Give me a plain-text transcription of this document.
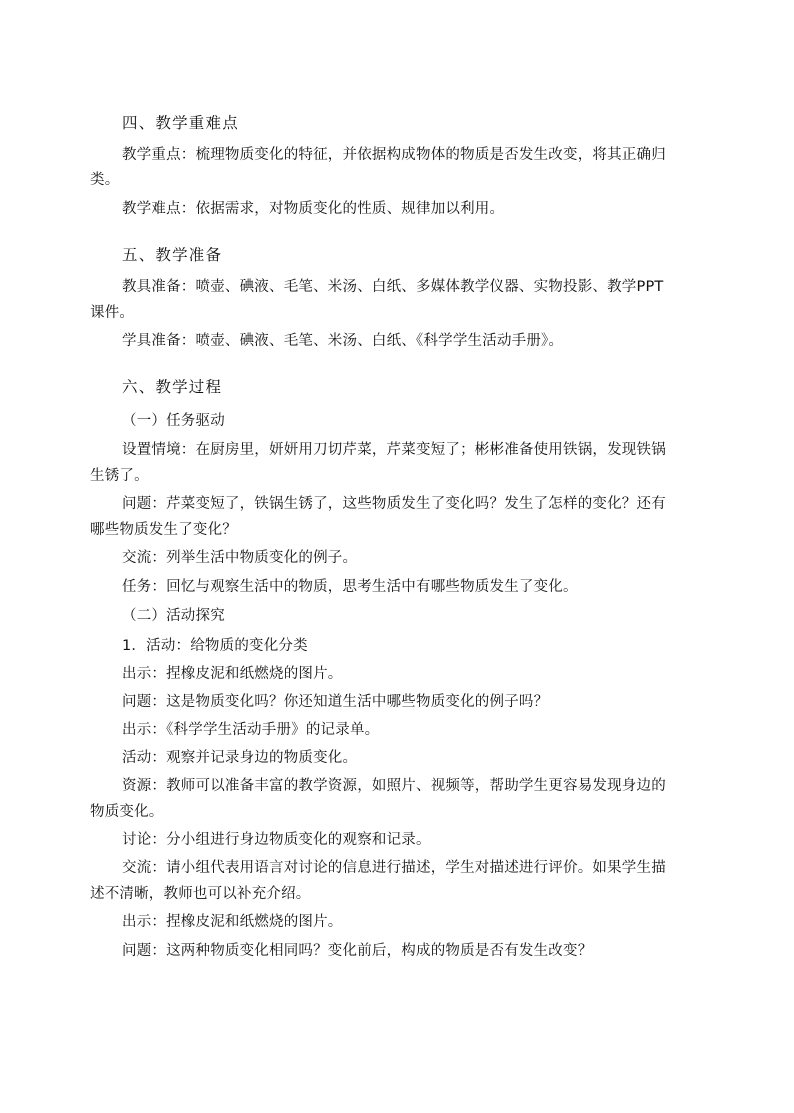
四、教学重难点
教学重点：梳理物质变化的特征，并依据构成物体的物质是否发生改变，将其正确归
类。
教学难点：依据需求，对物质变化的性质、规律加以利用。
五、教学准备
教具准备：喷壶、碘液、毛笔、米汤、白纸、多媒体教学仪器、实物投影、教学PPT
课件。
学具准备：喷壶、碘液、毛笔、米汤、白纸、《科学学生活动手册》。
六、教学过程
（一）任务驱动
设置情境：在厨房里，妍妍用刀切芹菜，芹菜变短了；彬彬准备使用铁锅，发现铁锅
生锈了。
问题：芹菜变短了，铁锅生锈了，这些物质发生了变化吗？发生了怎样的变化？还有
哪些物质发生了变化？
交流：列举生活中物质变化的例子。
任务：回忆与观察生活中的物质，思考生活中有哪些物质发生了变化。
（二）活动探究
1．活动：给物质的变化分类
出示：捏橡皮泥和纸燃烧的图片。
问题：这是物质变化吗？你还知道生活中哪些物质变化的例子吗？
出示：《科学学生活动手册》的记录单。
活动：观察并记录身边的物质变化。
资源：教师可以准备丰富的教学资源，如照片、视频等，帮助学生更容易发现身边的
物质变化。
讨论：分小组进行身边物质变化的观察和记录。
交流：请小组代表用语言对讨论的信息进行描述，学生对描述进行评价。如果学生描
述不清晰，教师也可以补充介绍。
出示：捏橡皮泥和纸燃烧的图片。
问题：这两种物质变化相同吗？变化前后，构成的物质是否有发生改变？
